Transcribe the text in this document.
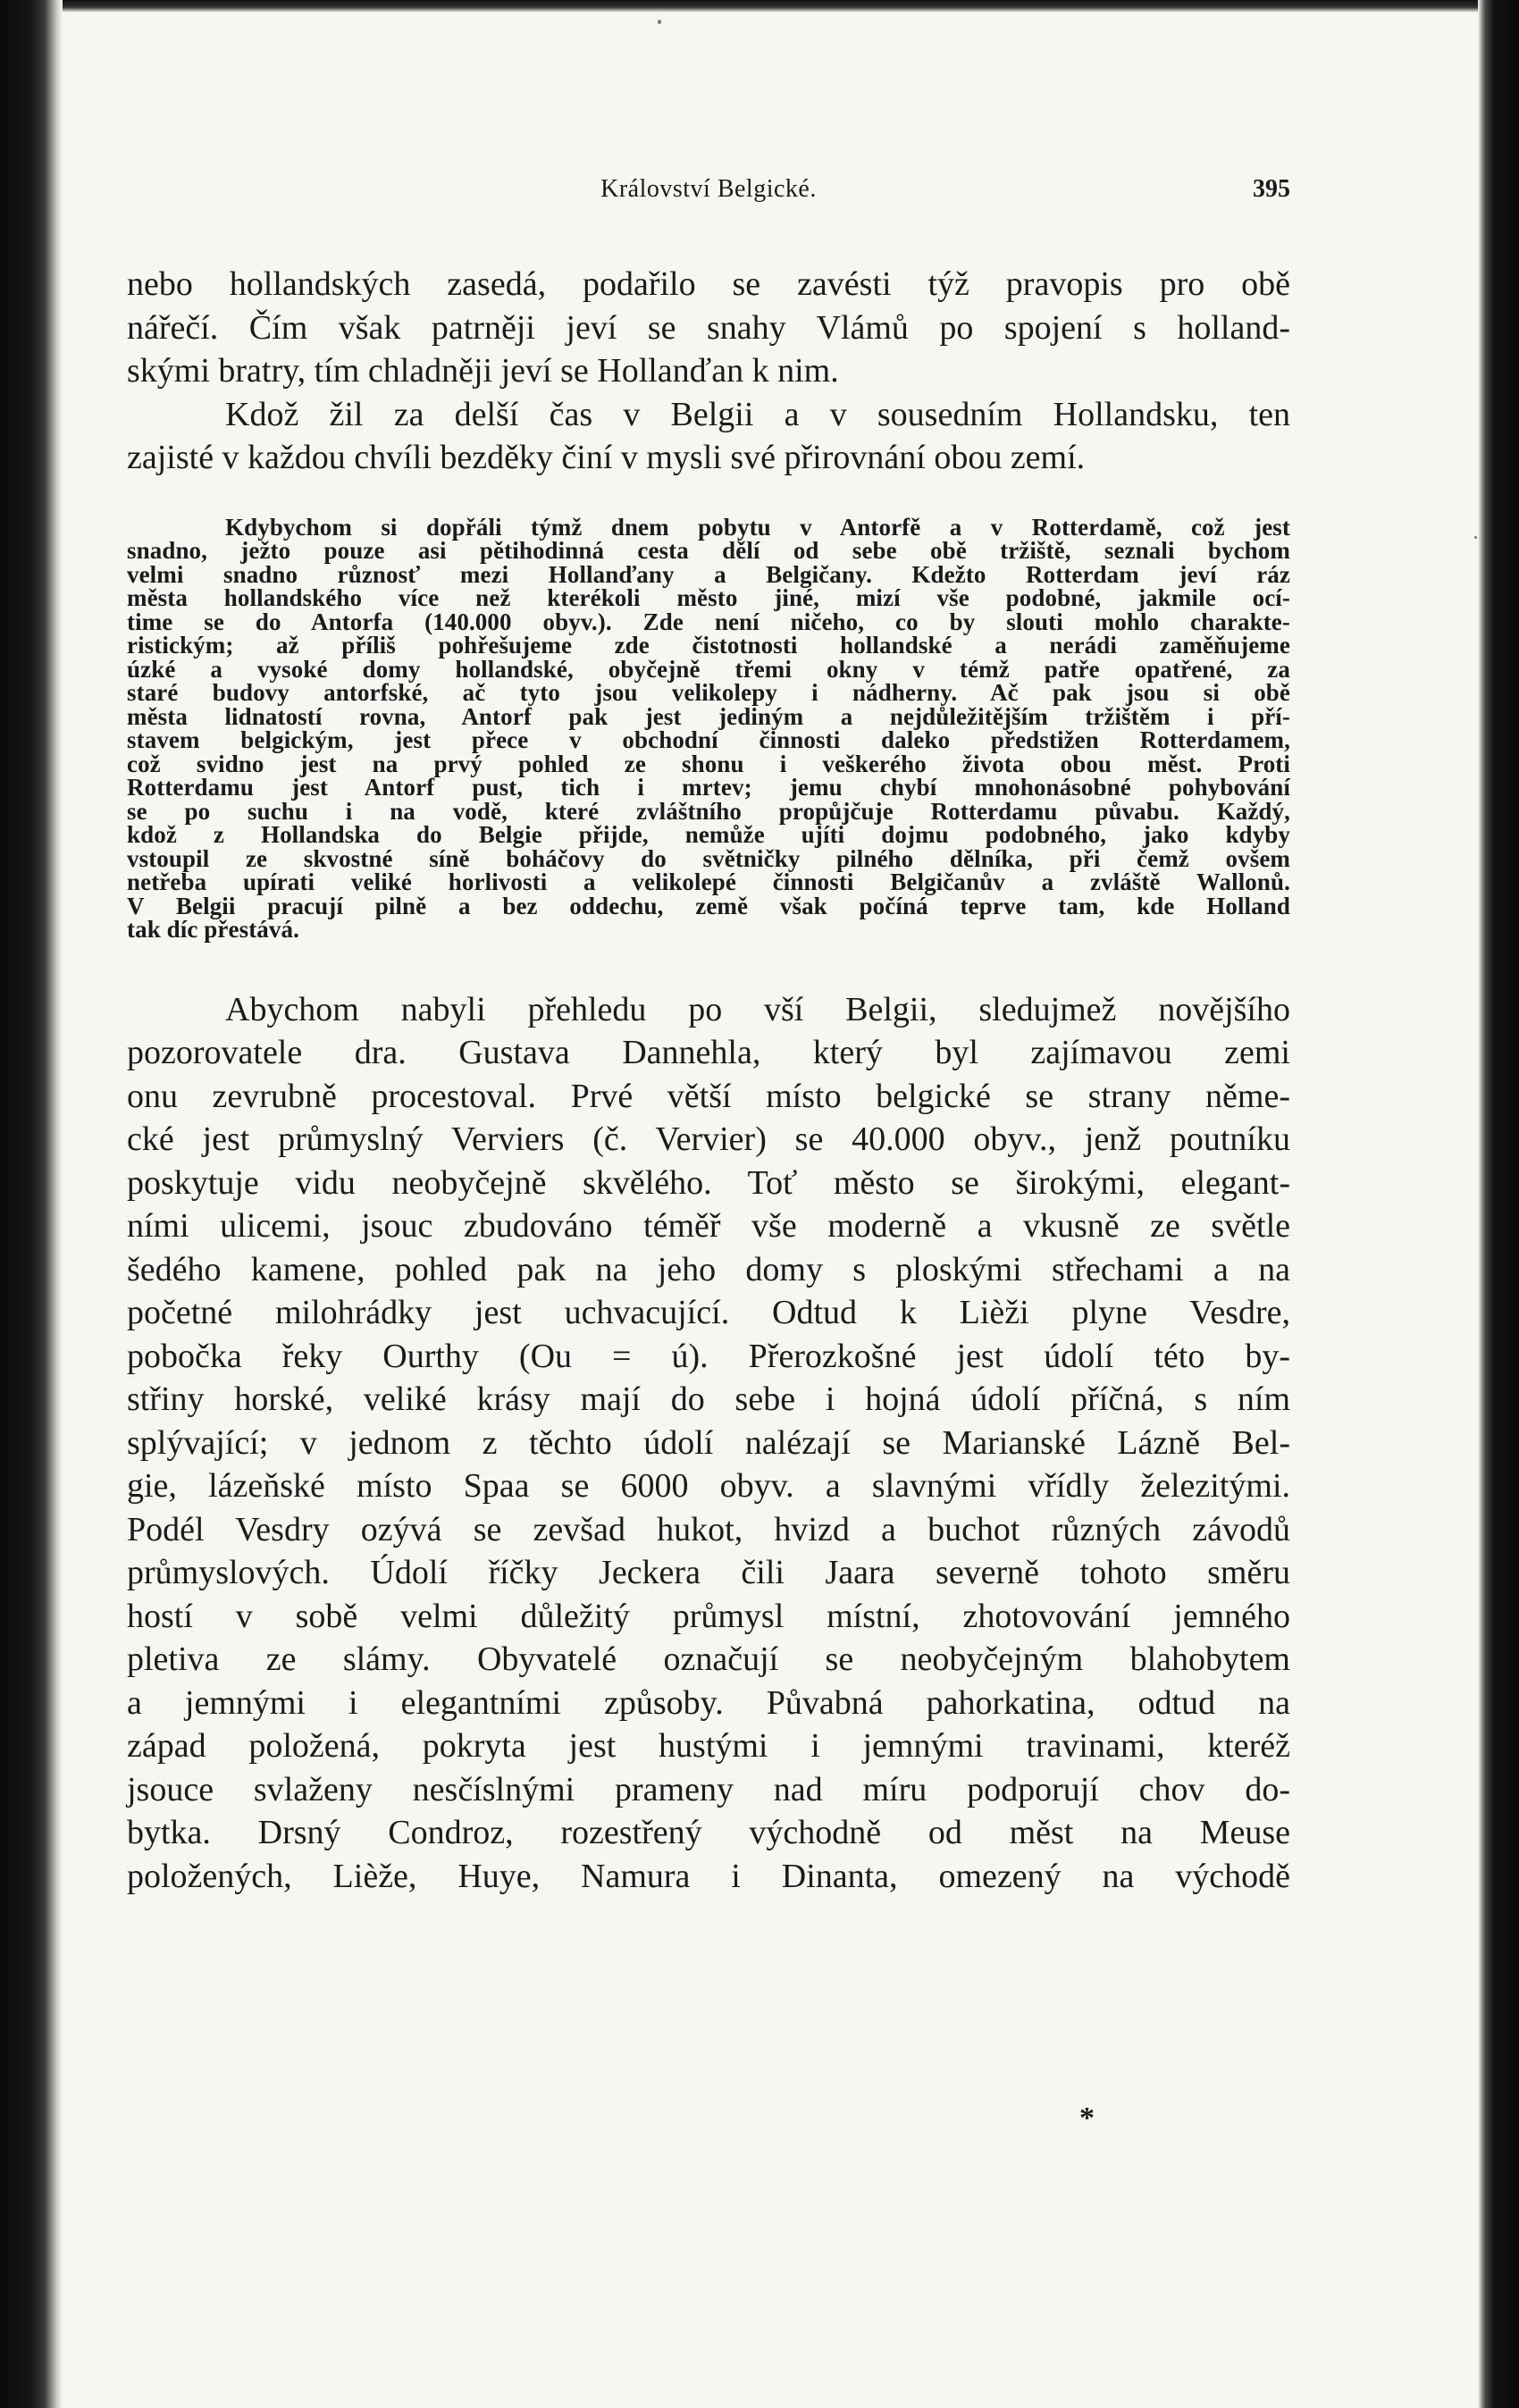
Království Belgické.	395

nebo hollandských zasedá, podařilo se zavésti týž pravopis pro obě

nářečí. Čím však patrněji jeví se snahy Vlámů po spojení s holland-

skými bratry, tím chladněji jeví se Hollanďan k nim.

Kdož žil za delší čas v Belgii a v sousedním Hollandsku, ten

zajisté v každou chvíli bezděky činí v mysli své přirovnání obou zemí.

Kdybychom si dopřáli týmž dnem pobytu v Antorfě a v Rotterdamě, což jest

snadno, ježto pouze asi pětihodinná cesta dělí od sebe obě tržiště, seznali bychom

velmi snadno různosť mezi Hollanďany a Belgičany. Kdežto Rotterdam jeví ráz

města hollandského více než kterékoli město jiné, mizí vše podobné, jakmile ocí-

time se do Antorfa (140.000 obyv.). Zde není ničeho, co by slouti mohlo charakte-

ristickým; až příliš pohřešujeme zde čistotnosti hollandské a nerádi zaměňujeme

úzké a vysoké domy hollandské, obyčejně třemi okny v témž patře opatřené, za

staré budovy antorfské, ač tyto jsou velikolepy i nádherny. Ač pak jsou si obě

města lidnatostí rovna, Antorf pak jest jediným a nejdůležitějším tržištěm i pří-

stavem belgickým, jest přece v obchodní činnosti daleko předstižen Rotterdamem,

což svidno jest na prvý pohled ze shonu i veškerého života obou měst. Proti

Rotterdamu jest Antorf pust, tich i mrtev; jemu chybí mnohonásobné pohybování

se po suchu i na vodě, které zvláštního propůjčuje Rotterdamu půvabu. Každý,

kdož z Hollandska do Belgie přijde, nemůže ujíti dojmu podobného, jako kdyby

vstoupil ze skvostné síně boháčovy do světničky pilného dělníka, při čemž ovšem

netřeba upírati veliké horlivosti a velikolepé činnosti Belgičanův a zvláště Wallonů.

V Belgii pracují pilně a bez oddechu, země však počíná teprve tam, kde Holland

tak díc přestává.

Abychom nabyli přehledu po vší Belgii, sledujmež novějšího

pozorovatele dra. Gustava Dannehla, který byl zajímavou zemi

onu zevrubně procestoval. Prvé větší místo belgické se strany něme-

cké jest průmyslný Verviers (č. Vervier) se 40.000 obyv., jenž poutníku

poskytuje vidu neobyčejně skvělého. Toť město se širokými, elegant-

ními ulicemi, jsouc zbudováno téměř vše moderně a vkusně ze světle

šedého kamene, pohled pak na jeho domy s ploskými střechami a na

početné milohrádky jest uchvacující. Odtud k Lièži plyne Vesdre,

pobočka řeky Ourthy (Ou = ú). Přerozkošné jest údolí této by-

střiny horské, veliké krásy mají do sebe i hojná údolí příčná, s ním

splývající; v jednom z těchto údolí nalézají se Marianské Lázně Bel-

gie, lázeňské místo Spaa se 6000 obyv. a slavnými vřídly železitými.

Podél Vesdry ozývá se zevšad hukot, hvizd a buchot různých závodů

průmyslových. Údolí říčky Jeckera čili Jaara severně tohoto směru

hostí v sobě velmi důležitý průmysl místní, zhotovování jemného

pletiva ze slámy. Obyvatelé označují se neobyčejným blahobytem

a jemnými i elegantními způsoby. Půvabná pahorkatina, odtud na

západ položená, pokryta jest hustými i jemnými travinami, kteréž

jsouce svlaženy nesčíslnými prameny nad míru podporují chov do-

bytka. Drsný Condroz, rozestřený východně od měst na Meuse

položených, Lièže, Huye, Namura i Dinanta, omezený na východě

*
